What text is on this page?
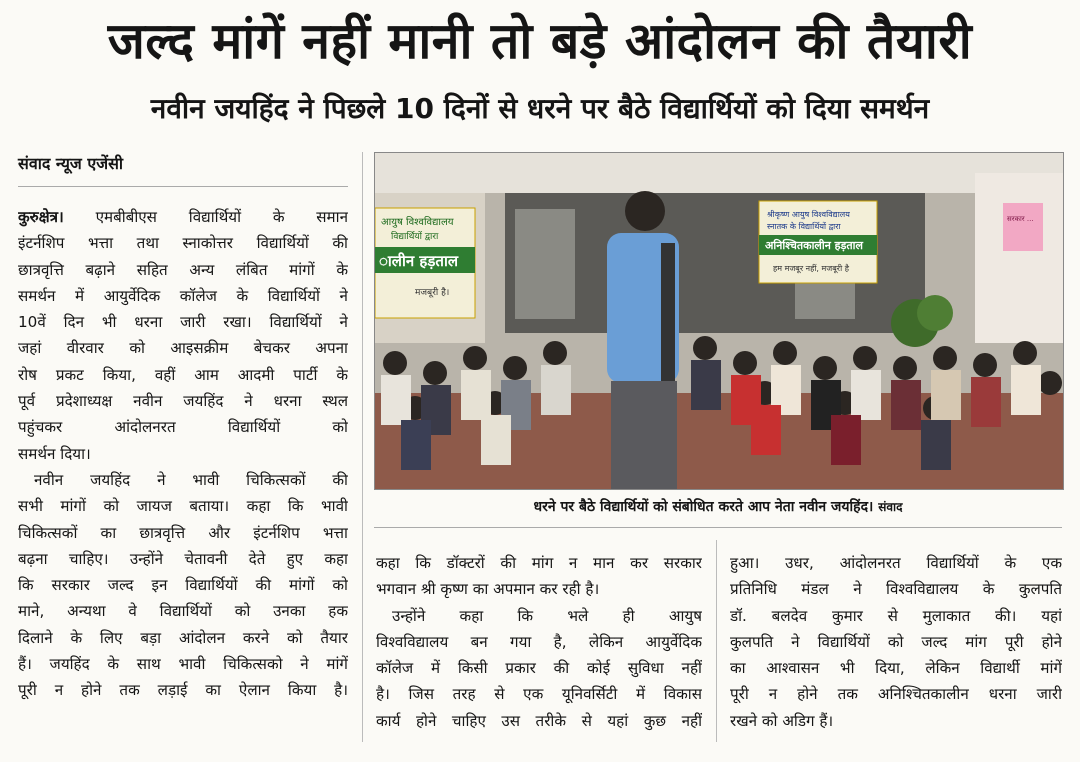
जल्द मांगें नहीं मानी तो बड़े आंदोलन की तैयारी
नवीन जयहिंद ने पिछले 10 दिनों से धरने पर बैठे विद्यार्थियों को दिया समर्थन
संवाद न्यूज एजेंसी

कुरुक्षेत्र। एमबीबीएस विद्यार्थियों के समान

इंटर्नशिप भत्ता तथा स्नाकोत्तर विद्यार्थियों की

छात्रवृत्ति बढ़ाने सहित अन्य लंबित मांगों के

समर्थन में आयुर्वेदिक कॉलेज के विद्यार्थियों ने

10वें दिन भी धरना जारी रखा। विद्यार्थियों ने

जहां वीरवार को आइसक्रीम बेचकर अपना

रोष प्रकट किया, वहीं आम आदमी पार्टी के

पूर्व प्रदेशाध्यक्ष नवीन जयहिंद ने धरना स्थल

पहुंचकर आंदोलनरत विद्यार्थियों को

समर्थन दिया।

नवीन जयहिंद ने भावी चिकित्सकों की

सभी मांगों को जायज बताया। कहा कि भावी

चिकित्सकों का छात्रवृत्ति और इंटर्नशिप भत्ता

बढ़ना चाहिए। उन्होंने चेतावनी देते हुए कहा

कि सरकार जल्द इन विद्यार्थियों की मांगों को

माने, अन्यथा वे विद्यार्थियों को उनका हक

दिलाने के लिए बड़ा आंदोलन करने को तैयार

हैं। जयहिंद के साथ भावी चिकित्सको ने मांगें

पूरी न होने तक लड़ाई का ऐलान किया है।

आयुष विश्वविद्यालय
विद्यार्थियों द्वारा
ालीन हड़ताल
मजबूरी है।
श्रीकृष्ण आयुष विश्वविद्यालय
स्नातक के विद्यार्थियों द्वारा
अनिश्चितकालीन हड़ताल
हम मजबूर नहीं, मजबूरी है
सरकार ...
धरने पर बैठे विद्यार्थियों को संबोधित करते आप नेता नवीन जयहिंद। संवाद

कहा कि डॉक्टरों की मांग न मान कर सरकार

भगवान श्री कृष्ण का अपमान कर रही है।

उन्होंने कहा कि भले ही आयुष

विश्वविद्यालय बन गया है, लेकिन आयुर्वेदिक

कॉलेज में किसी प्रकार की कोई सुविधा नहीं

है। जिस तरह से एक यूनिवर्सिटी में विकास

कार्य होने चाहिए उस तरीके से यहां कुछ नहीं

हुआ। उधर, आंदोलनरत विद्यार्थियों के एक

प्रतिनिधि मंडल ने विश्वविद्यालय के कुलपति

डॉ. बलदेव कुमार से मुलाकात की। यहां

कुलपति ने विद्यार्थियों को जल्द मांग पूरी होने

का आश्वासन भी दिया, लेकिन विद्यार्थी मांगें

पूरी न होने तक अनिश्चितकालीन धरना जारी

रखने को अडिग हैं।
